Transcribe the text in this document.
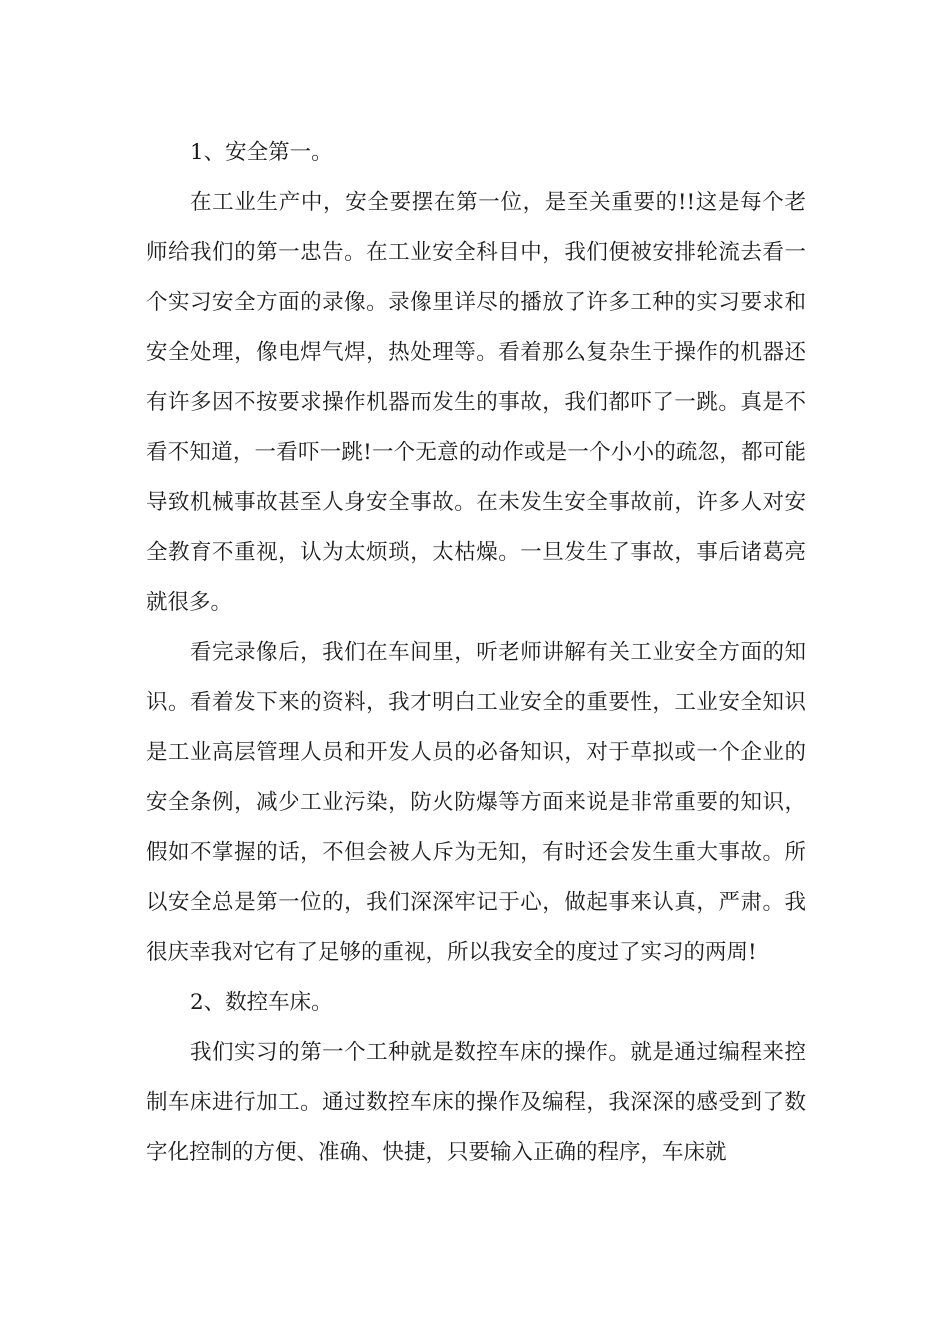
1、安全第一。

在工业生产中，安全要摆在第一位，是至关重要的!!这是每个老师给我们的第一忠告。在工业安全科目中，我们便被安排轮流去看一个实习安全方面的录像。录像里详尽的播放了许多工种的实习要求和安全处理，像电焊气焊，热处理等。看着那么复杂生于操作的机器还有许多因不按要求操作机器而发生的事故，我们都吓了一跳。真是不看不知道，一看吓一跳!一个无意的动作或是一个小小的疏忽，都可能导致机械事故甚至人身安全事故。在未发生安全事故前，许多人对安全教育不重视，认为太烦琐，太枯燥。一旦发生了事故，事后诸葛亮就很多。

看完录像后，我们在车间里，听老师讲解有关工业安全方面的知识。看着发下来的资料，我才明白工业安全的重要性，工业安全知识是工业高层管理人员和开发人员的必备知识，对于草拟或一个企业的安全条例，减少工业污染，防火防爆等方面来说是非常重要的知识，假如不掌握的话，不但会被人斥为无知，有时还会发生重大事故。所以安全总是第一位的，我们深深牢记于心，做起事来认真，严肃。我很庆幸我对它有了足够的重视，所以我安全的度过了实习的两周!

2、数控车床。

我们实习的第一个工种就是数控车床的操作。就是通过编程来控制车床进行加工。通过数控车床的操作及编程，我深深的感受到了数字化控制的方便、准确、快捷，只要输入正确的程序，车床就
